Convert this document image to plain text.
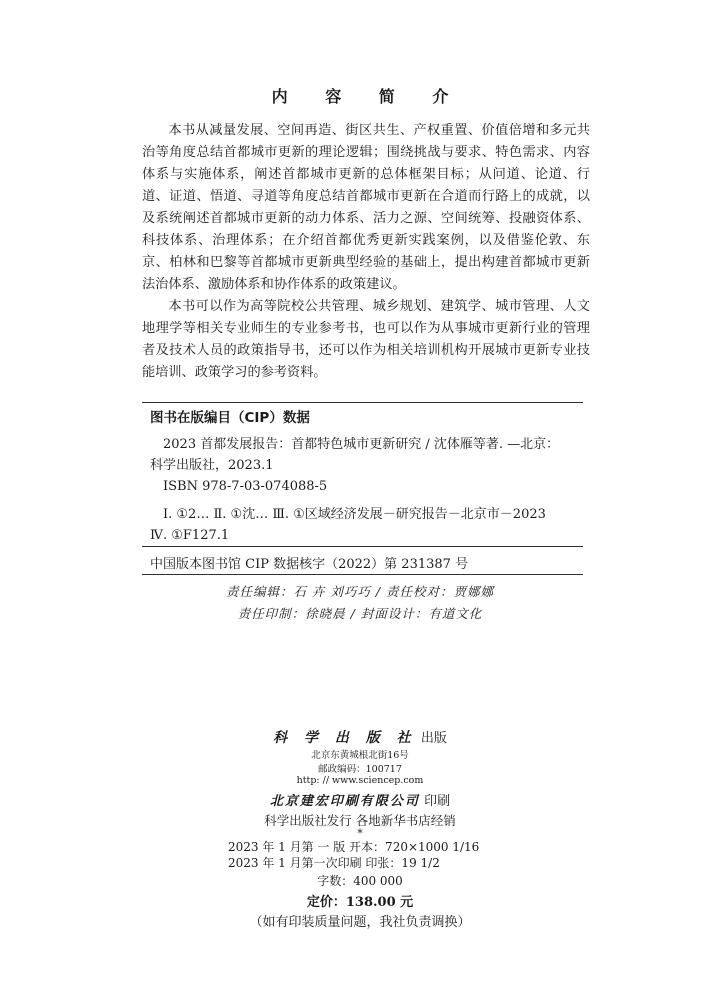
内 容 简 介

本书从减量发展、空间再造、街区共生、产权重置、价值倍增和多元共治等角度总结首都城市更新的理论逻辑；围绕挑战与要求、特色需求、内容体系与实施体系，阐述首都城市更新的总体框架目标；从问道、论道、行道、证道、悟道、寻道等角度总结首都城市更新在合道而行路上的成就，以及系统阐述首都城市更新的动力体系、活力之源、空间统筹、投融资体系、科技体系、治理体系；在介绍首都优秀更新实践案例，以及借鉴伦敦、东京、柏林和巴黎等首都城市更新典型经验的基础上，提出构建首都城市更新法治体系、激励体系和协作体系的政策建议。

本书可以作为高等院校公共管理、城乡规划、建筑学、城市管理、人文地理学等相关专业师生的专业参考书，也可以作为从事城市更新行业的管理者及技术人员的政策指导书，还可以作为相关培训机构开展城市更新专业技能培训、政策学习的参考资料。

图书在版编目（CIP）数据
2023 首都发展报告：首都特色城市更新研究 / 沈体雁等著. —北京：
科学出版社，2023.1
ISBN 978-7-03-074088-5
Ⅰ. ①2… Ⅱ. ①沈… Ⅲ. ①区域经济发展－研究报告－北京市－2023
Ⅳ. ①F127.1
中国版本图书馆 CIP 数据核字（2022）第 231387 号
责任编辑：石 卉 刘巧巧 / 责任校对：贾娜娜
责任印制：徐晓晨 / 封面设计：有道文化
科 学 出 版 社 出版
北京东黄城根北街16号
邮政编码：100717
http: // www.sciencep.com
北京建宏印刷有限公司 印刷
科学出版社发行 各地新华书店经销
*
2023 年 1 月第 一 版 开本：720×1000 1/16
2023 年 1 月第一次印刷 印张：19 1/2
字数：400 000
定价：138.00 元
（如有印装质量问题，我社负责调换）
